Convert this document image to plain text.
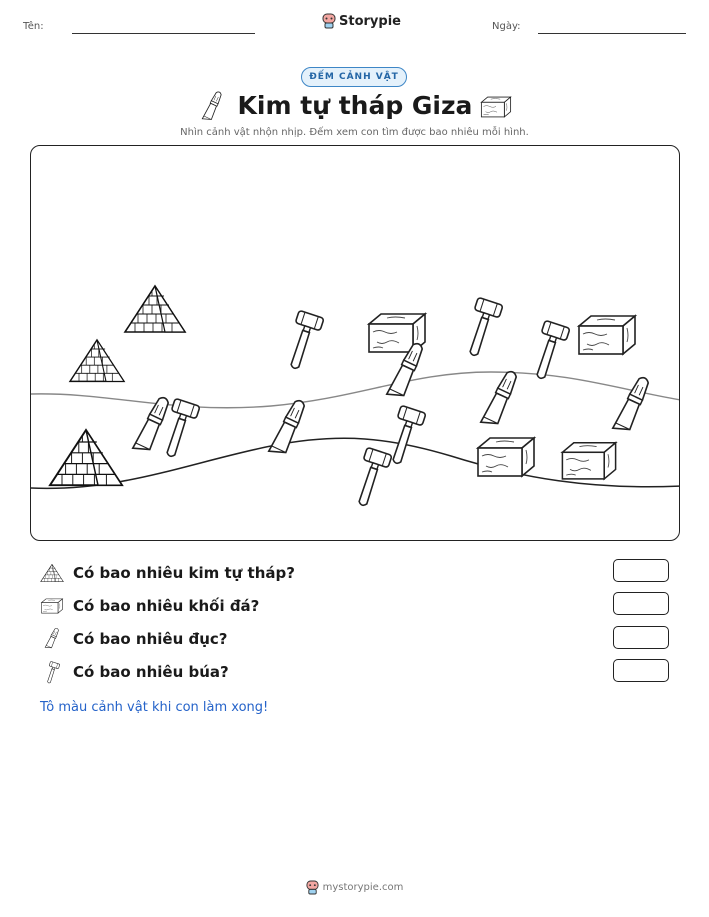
Tên:	Storypie	Ngày:
ĐẾM CẢNH VẬT
Kim tự tháp Giza
Nhìn cảnh vật nhộn nhịp. Đếm xem con tìm được bao nhiêu mỗi hình.
Có bao nhiêu kim tự tháp?
Có bao nhiêu khối đá?
Có bao nhiêu đục?
Có bao nhiêu búa?
Tô màu cảnh vật khi con làm xong!
mystorypie.com
